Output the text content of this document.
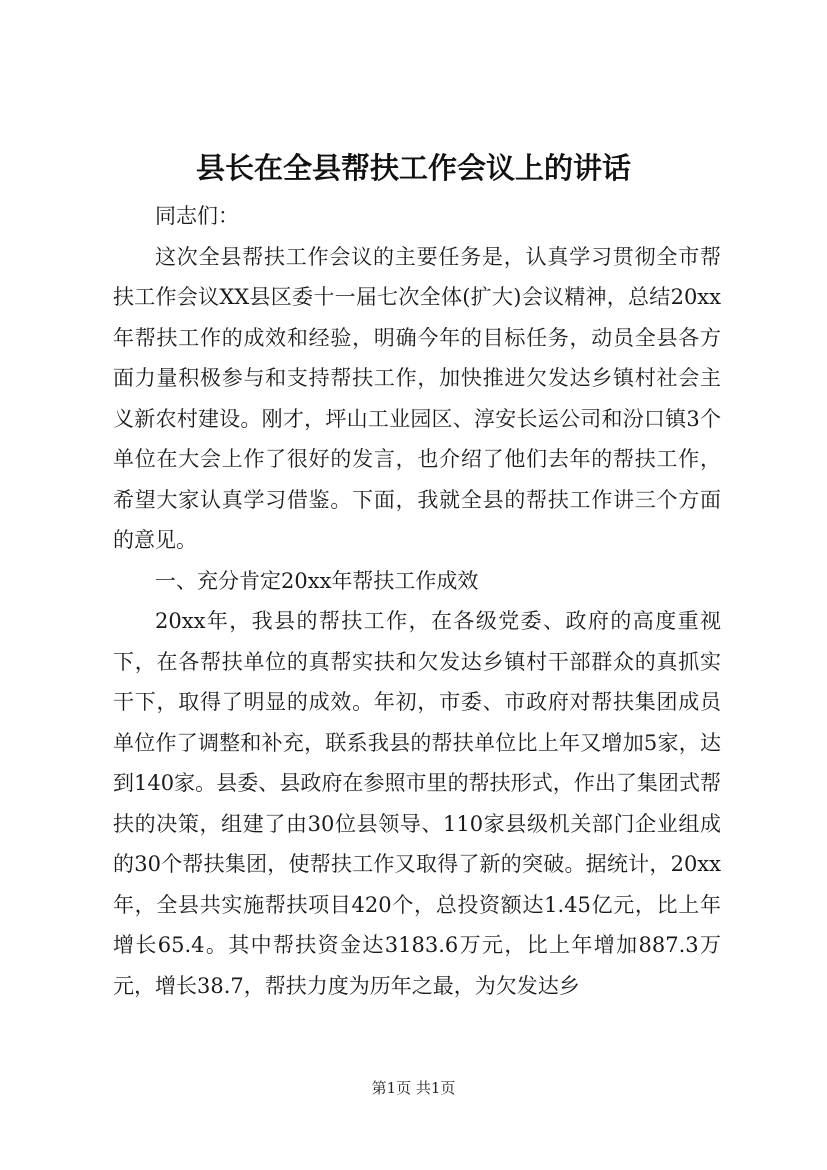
县长在全县帮扶工作会议上的讲话

同志们：

这次全县帮扶工作会议的主要任务是，认真学习贯彻全市帮扶工作会议XX县区委十一届七次全体(扩大)会议精神，总结20xx年帮扶工作的成效和经验，明确今年的目标任务，动员全县各方面力量积极参与和支持帮扶工作，加快推进欠发达乡镇村社会主义新农村建设。刚才，坪山工业园区、淳安长运公司和汾口镇3个单位在大会上作了很好的发言，也介绍了他们去年的帮扶工作，希望大家认真学习借鉴。下面，我就全县的帮扶工作讲三个方面的意见。

一、充分肯定20xx年帮扶工作成效

20xx年，我县的帮扶工作，在各级党委、政府的高度重视下，在各帮扶单位的真帮实扶和欠发达乡镇村干部群众的真抓实干下，取得了明显的成效。年初，市委、市政府对帮扶集团成员单位作了调整和补充，联系我县的帮扶单位比上年又增加5家，达到140家。县委、县政府在参照市里的帮扶形式，作出了集团式帮扶的决策，组建了由30位县领导、110家县级机关部门企业组成的30个帮扶集团，使帮扶工作又取得了新的突破。据统计，20xx年，全县共实施帮扶项目420个，总投资额达1.45亿元，比上年增长65.4。其中帮扶资金达3183.6万元，比上年增加887.3万元，增长38.7，帮扶力度为历年之最，为欠发达乡

第1页 共1页
